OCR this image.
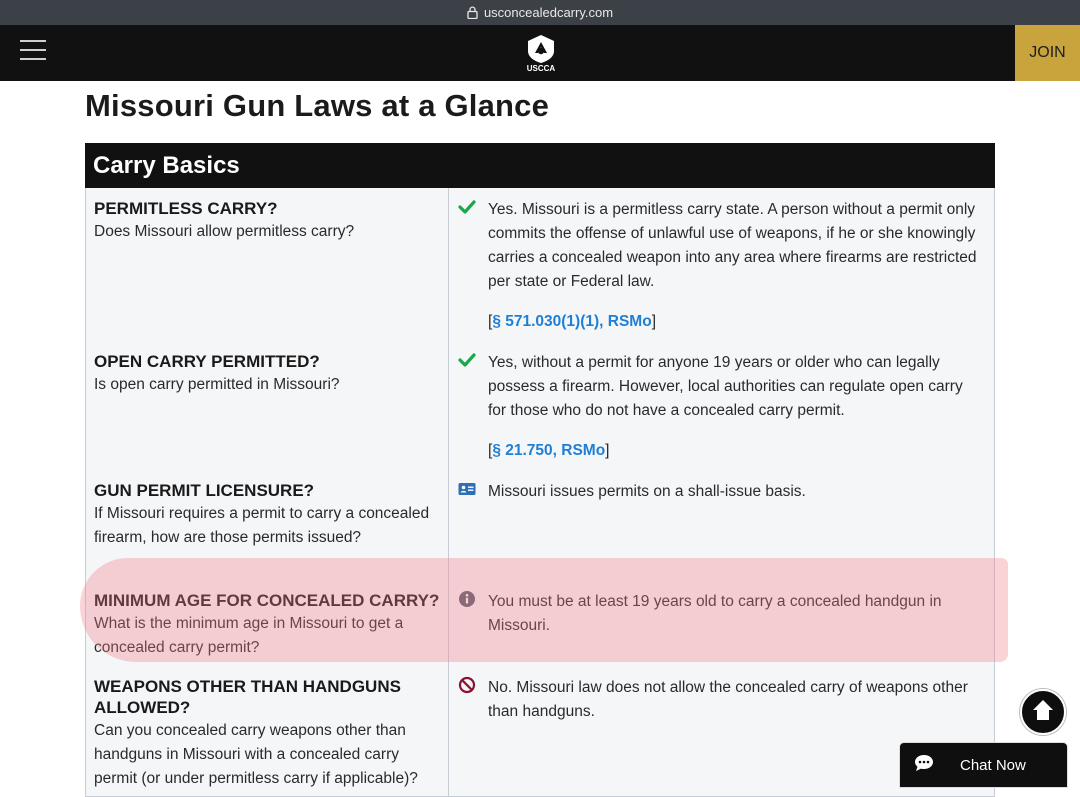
usconcealedcarry.com
USCCA
JOIN
Missouri Gun Laws at a Glance
Carry Basics
PERMITLESS CARRY?
Does Missouri allow permitless carry?

Yes. Missouri is a permitless carry state. A person without a permit only commits the offense of unlawful use of weapons, if he or she knowingly carries a concealed weapon into any area where firearms are restricted per state or Federal law.

[§ 571.030(1)(1), RSMo]
OPEN CARRY PERMITTED?
Is open carry permitted in Missouri?

Yes, without a permit for anyone 19 years or older who can legally possess a firearm. However, local authorities can regulate open carry for those who do not have a concealed carry permit.

[§ 21.750, RSMo]
GUN PERMIT LICENSURE?
If Missouri requires a permit to carry a concealed firearm, how are those permits issued?

Missouri issues permits on a shall-issue basis.

MINIMUM AGE FOR CONCEALED CARRY?
What is the minimum age in Missouri to get a concealed carry permit?

You must be at least 19 years old to carry a concealed handgun in Missouri.

WEAPONS OTHER THAN HANDGUNS ALLOWED?
Can you concealed carry weapons other than handguns in Missouri with a concealed carry permit (or under permitless carry if applicable)?

No. Missouri law does not allow the concealed carry of weapons other than handguns.

Chat Now
